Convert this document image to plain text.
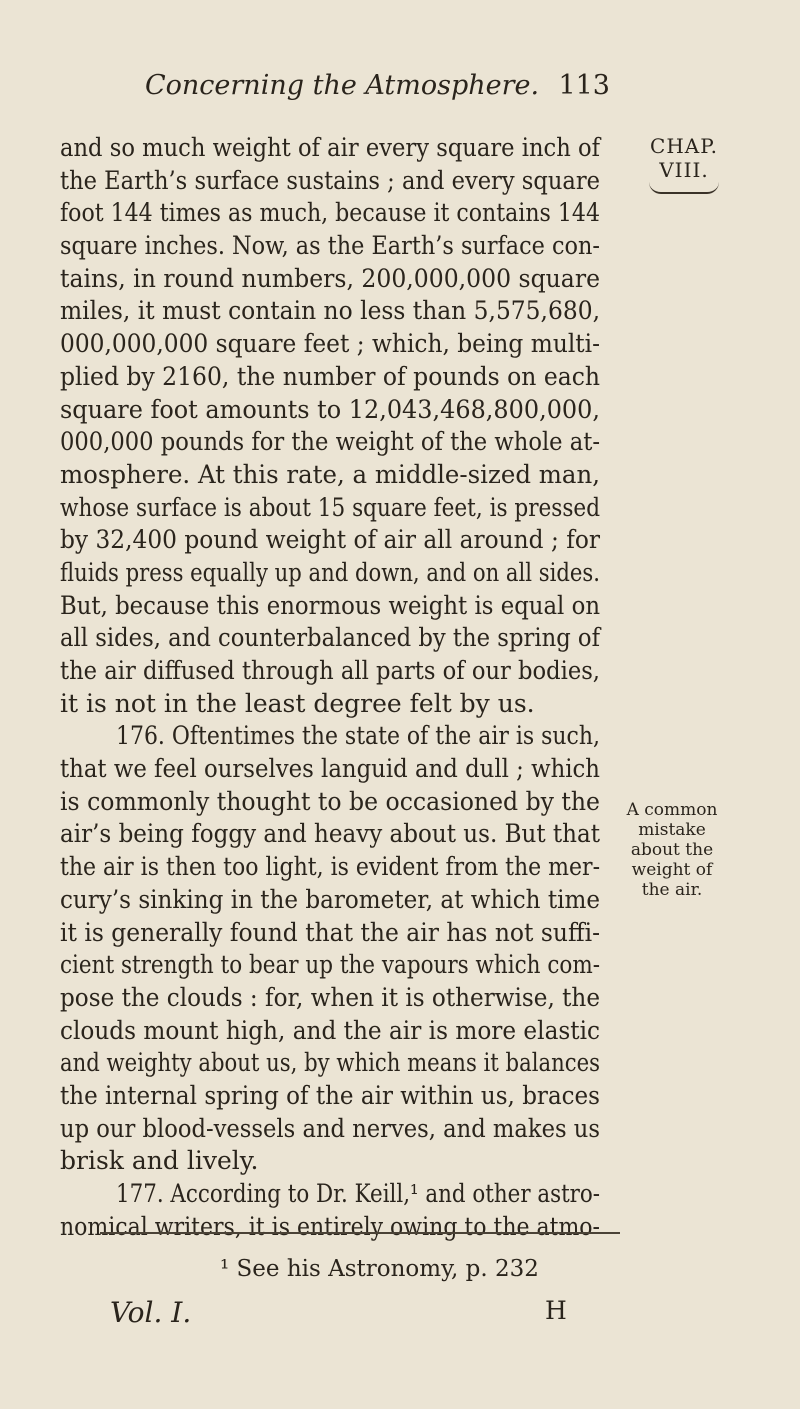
Concerning the Atmosphere. 113
CHAP.
VIII.
and so much weight of air every square inch of
the Earth’s surface sustains ; and every square
foot 144 times as much, because it contains 144
square inches. Now, as the Earth’s surface con-
tains, in round numbers, 200,000,000 square
miles, it must contain no less than 5,575,680,
000,000,000 square feet ; which, being multi-
plied by 2160, the number of pounds on each
square foot amounts to 12,043,468,800,000,
000,000 pounds for the weight of the whole at-
mosphere. At this rate, a middle-sized man,
whose surface is about 15 square feet, is pressed
by 32,400 pound weight of air all around ; for
fluids press equally up and down, and on all sides.
But, because this enormous weight is equal on
all sides, and counterbalanced by the spring of
the air diffused through all parts of our bodies,
it is not in the least degree felt by us.
176. Oftentimes the state of the air is such,
that we feel ourselves languid and dull ; which
is commonly thought to be occasioned by the
air’s being foggy and heavy about us. But that
the air is then too light, is evident from the mer-
cury’s sinking in the barometer, at which time
it is generally found that the air has not suffi-
cient strength to bear up the vapours which com-
pose the clouds : for, when it is otherwise, the
clouds mount high, and the air is more elastic
and weighty about us, by which means it balances
the internal spring of the air within us, braces
up our blood-vessels and nerves, and makes us
brisk and lively.
177. According to Dr. Keill,¹ and other astro-
nomical writers, it is entirely owing to the atmo-
A common
mistake
about the
weight of
the air.
¹ See his Astronomy, p. 232
Vol. I.	H
